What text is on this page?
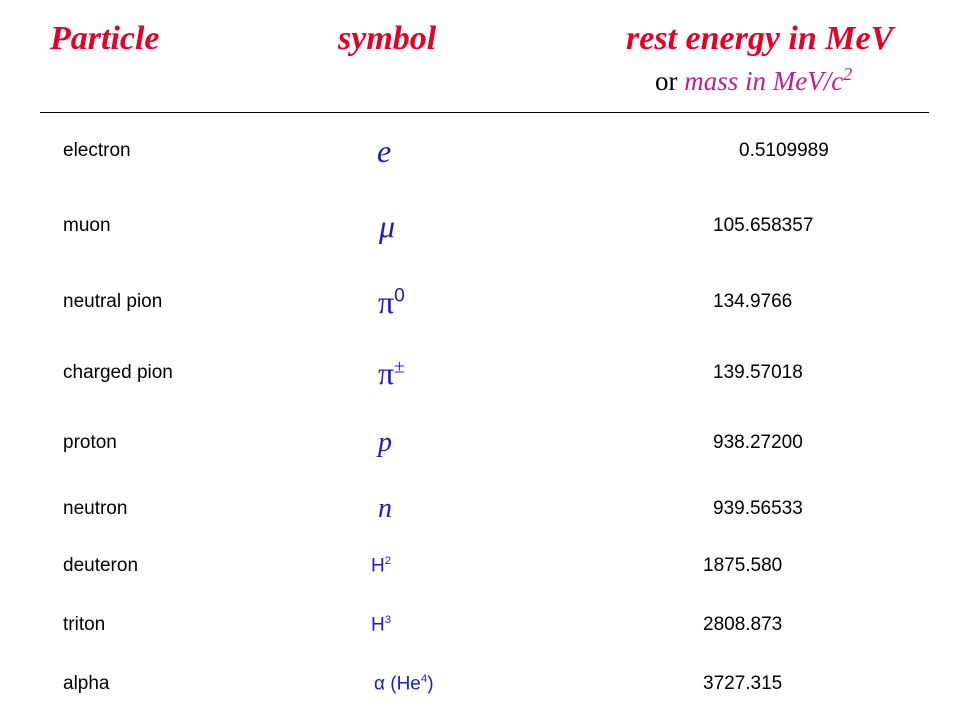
Particle	symbol	rest energy in MeV
or mass in MeV/$c^2$
electron	e	0.5109989
muon	μ	105.658357
neutral pion	$\pi^0$	134.9766
charged pion	π±	139.57018
proton	p	938.27200
neutron	n	939.56533
deuteron	$H^2$	1875.580
triton	$H^3$	2808.873
alpha	α (He$^4$)	3727.315
